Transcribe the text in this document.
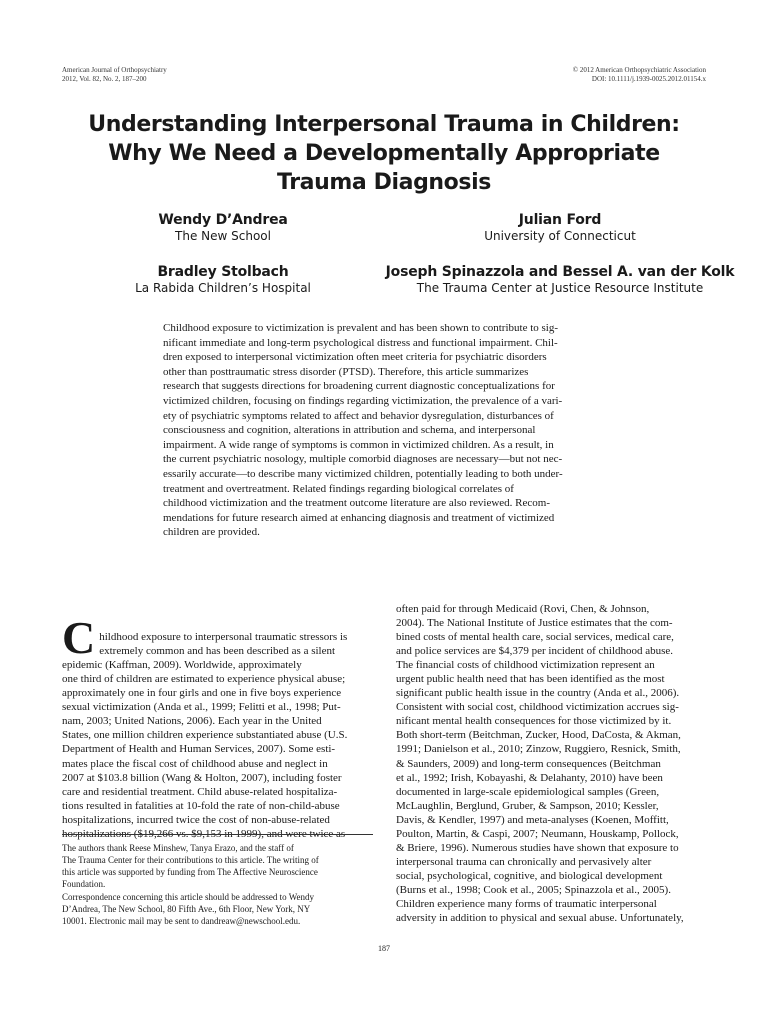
American Journal of Orthopsychiatry
2012, Vol. 82, No. 2, 187–200
© 2012 American Orthopsychiatric Association
DOI: 10.1111/j.1939-0025.2012.01154.x
Understanding Interpersonal Trauma in Children:
Why We Need a Developmentally Appropriate
Trauma Diagnosis
Wendy D’Andrea
The New School
Julian Ford
University of Connecticut
Bradley Stolbach
La Rabida Children’s Hospital
Joseph Spinazzola and Bessel A. van der Kolk
The Trauma Center at Justice Resource Institute
Childhood exposure to victimization is prevalent and has been shown to contribute to sig-
nificant immediate and long-term psychological distress and functional impairment. Chil-
dren exposed to interpersonal victimization often meet criteria for psychiatric disorders
other than posttraumatic stress disorder (PTSD). Therefore, this article summarizes
research that suggests directions for broadening current diagnostic conceptualizations for
victimized children, focusing on findings regarding victimization, the prevalence of a vari-
ety of psychiatric symptoms related to affect and behavior dysregulation, disturbances of
consciousness and cognition, alterations in attribution and schema, and interpersonal
impairment. A wide range of symptoms is common in victimized children. As a result, in
the current psychiatric nosology, multiple comorbid diagnoses are necessary—but not nec-
essarily accurate—to describe many victimized children, potentially leading to both under-
treatment and overtreatment. Related findings regarding biological correlates of
childhood victimization and the treatment outcome literature are also reviewed. Recom-
mendations for future research aimed at enhancing diagnosis and treatment of victimized
children are provided.

C hildhood exposure to interpersonal traumatic stressors is
extremely common and has been described as a silent
epidemic (Kaffman, 2009). Worldwide, approximately
one third of children are estimated to experience physical abuse;
approximately one in four girls and one in five boys experience
sexual victimization (Anda et al., 1999; Felitti et al., 1998; Put-
nam, 2003; United Nations, 2006). Each year in the United
States, one million children experience substantiated abuse (U.S.
Department of Health and Human Services, 2007). Some esti-
mates place the fiscal cost of childhood abuse and neglect in
2007 at $103.8 billion (Wang & Holton, 2007), including foster
care and residential treatment. Child abuse-related hospitaliza-
tions resulted in fatalities at 10-fold the rate of non-child-abuse
hospitalizations, incurred twice the cost of non-abuse-related
hospitalizations ($19,266 vs. $9,153 in 1999), and were twice as

often paid for through Medicaid (Rovi, Chen, & Johnson,
2004). The National Institute of Justice estimates that the com-
bined costs of mental health care, social services, medical care,
and police services are $4,379 per incident of childhood abuse.
The financial costs of childhood victimization represent an
urgent public health need that has been identified as the most
significant public health issue in the country (Anda et al., 2006).
Consistent with social cost, childhood victimization accrues sig-
nificant mental health consequences for those victimized by it.
Both short-term (Beitchman, Zucker, Hood, DaCosta, & Akman,
1991; Danielson et al., 2010; Zinzow, Ruggiero, Resnick, Smith,
& Saunders, 2009) and long-term consequences (Beitchman
et al., 1992; Irish, Kobayashi, & Delahanty, 2010) have been
documented in large-scale epidemiological samples (Green,
McLaughlin, Berglund, Gruber, & Sampson, 2010; Kessler,
Davis, & Kendler, 1997) and meta-analyses (Koenen, Moffitt,
Poulton, Martin, & Caspi, 2007; Neumann, Houskamp, Pollock,
& Briere, 1996). Numerous studies have shown that exposure to
interpersonal trauma can chronically and pervasively alter
social, psychological, cognitive, and biological development
(Burns et al., 1998; Cook et al., 2005; Spinazzola et al., 2005).
Children experience many forms of traumatic interpersonal
adversity in addition to physical and sexual abuse. Unfortunately,
The authors thank Reese Minshew, Tanya Erazo, and the staff of
The Trauma Center for their contributions to this article. The writing of
this article was supported by funding from The Affective Neuroscience
Foundation.
Correspondence concerning this article should be addressed to Wendy
D’Andrea, The New School, 80 Fifth Ave., 6th Floor, New York, NY
10001. Electronic mail may be sent to dandreaw@newschool.edu.
187
